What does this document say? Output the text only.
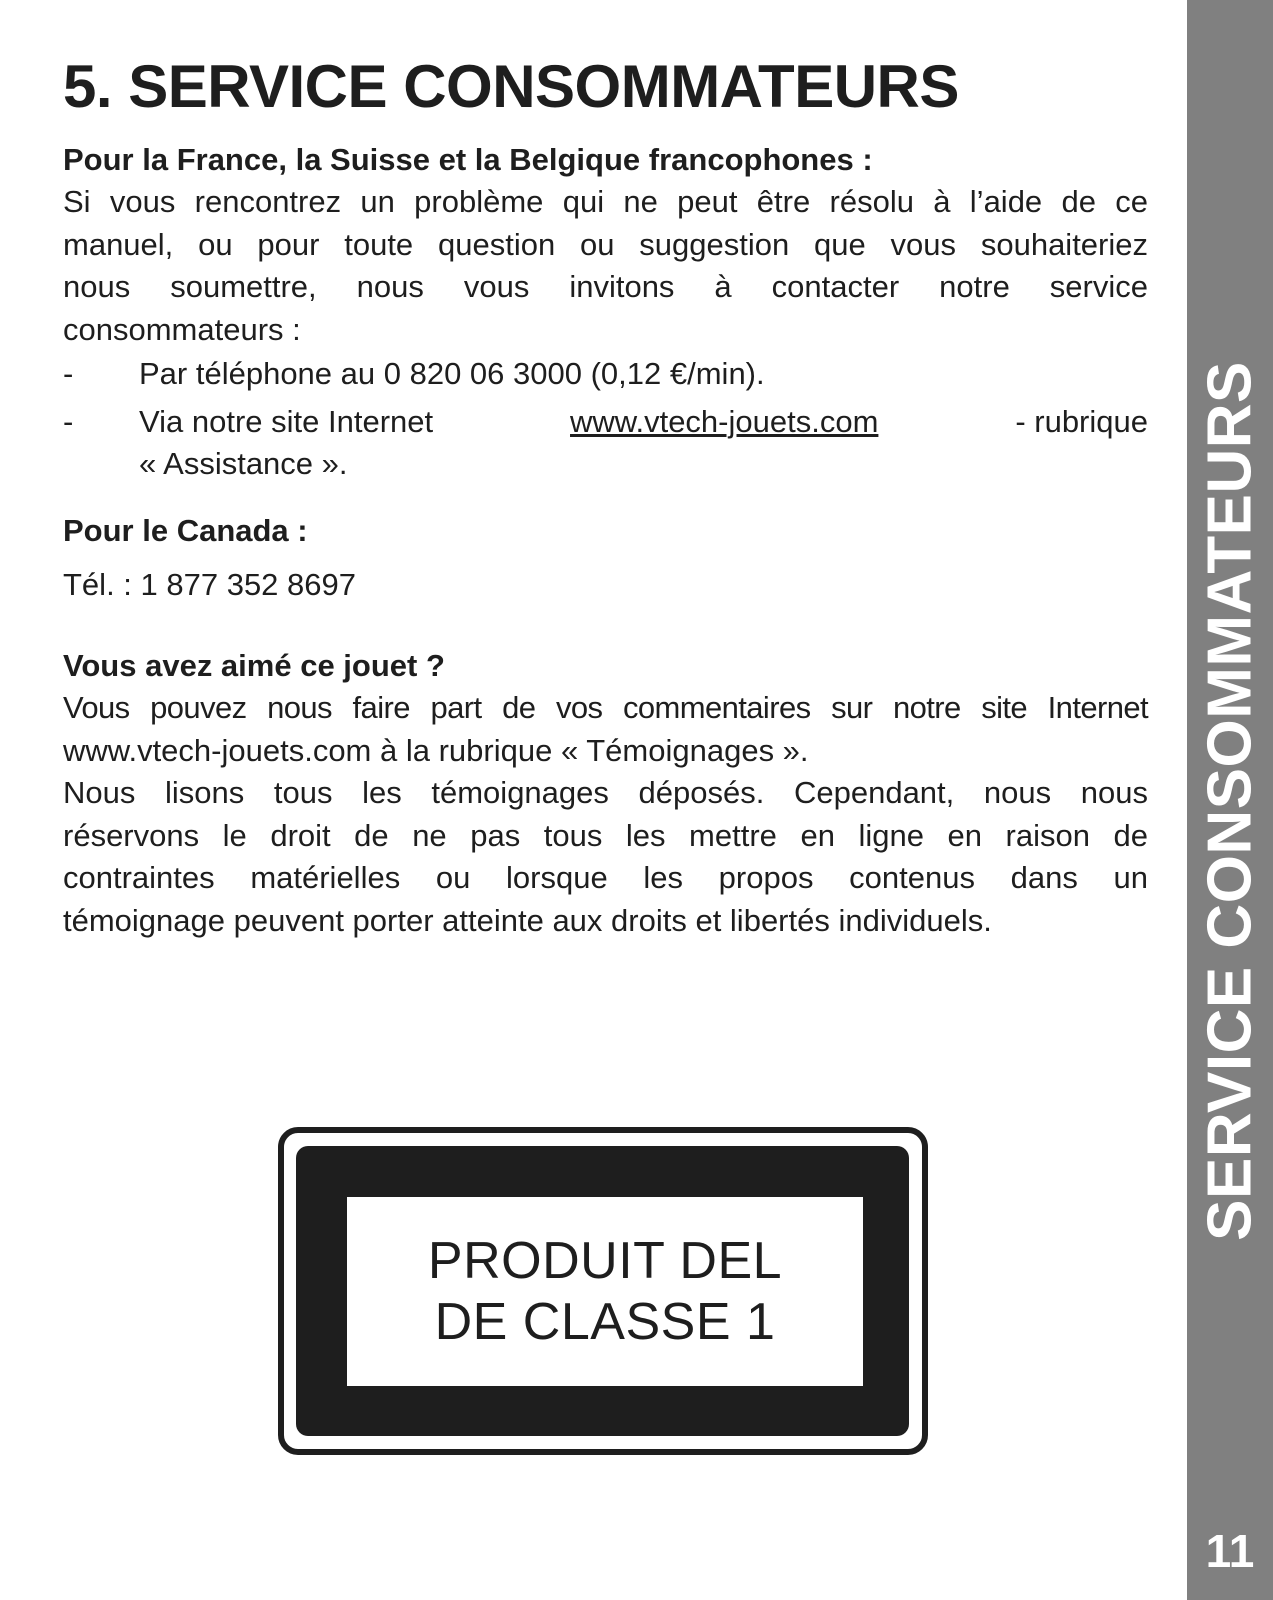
5. SERVICE CONSOMMATEURS

Pour la France, la Suisse et la Belgique francophones :

Si vous rencontrez un problème qui ne peut être résolu à l’aide de ce

manuel, ou pour toute question ou suggestion que vous souhaiteriez

nous soumettre, nous vous invitons à contacter notre service

consommateurs :

- Par téléphone au 0 820 06 3000 (0,12 €/min).
- Via notre site Internet	www.vtech-jouets.com	- rubrique
« Assistance ».

Pour le Canada :

Tél. : 1 877 352 8697

Vous avez aimé ce jouet ?

Vous pouvez nous faire part de vos commentaires sur notre site Internet

www.vtech-jouets.com à la rubrique « Témoignages ».

Nous lisons tous les témoignages déposés. Cependant, nous nous

réservons le droit de ne pas tous les mettre en ligne en raison de

contraintes matérielles ou lorsque les propos contenus dans un

témoignage peuvent porter atteinte aux droits et libertés individuels.

PRODUIT DEL
DE CLASSE 1
SERVICE CONSOMMATEURS
11
